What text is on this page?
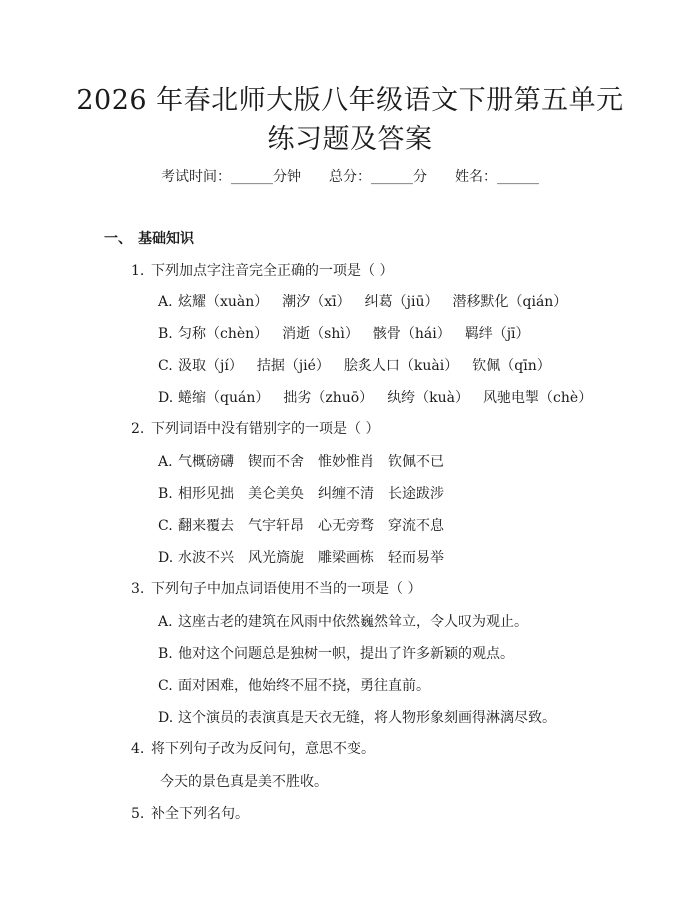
2026 年春北师大版八年级语文下册第五单元
练习题及答案
考试时间：______分钟 总分：______分 姓名：______
一、 基础知识
1. 下列加点字注音完全正确的一项是（ ）
A. 炫耀（xuàn） 潮汐（xī） 纠葛（jiū） 潜移默化（qián）
B. 匀称（chèn） 消逝（shì） 骸骨（hái） 羁绊（jī）
C. 汲取（jí） 拮据（jié） 脍炙人口（kuài） 钦佩（qīn）
D. 蜷缩（quán） 拙劣（zhuō） 纨绔（kuà） 风驰电掣（chè）
2. 下列词语中没有错别字的一项是（ ）
A. 气概磅礴 锲而不舍 惟妙惟肖 钦佩不已
B. 相形见拙 美仑美奂 纠缠不清 长途跋涉
C. 翻来覆去 气宇轩昂 心无旁骛 穿流不息
D. 水波不兴 风光旖旎 雕梁画栋 轻而易举
3. 下列句子中加点词语使用不当的一项是（ ）
A. 这座古老的建筑在风雨中依然巍然耸立，令人叹为观止。
B. 他对这个问题总是独树一帜，提出了许多新颖的观点。
C. 面对困难，他始终不屈不挠，勇往直前。
D. 这个演员的表演真是天衣无缝，将人物形象刻画得淋漓尽致。
4. 将下列句子改为反问句，意思不变。
今天的景色真是美不胜收。
5. 补全下列名句。
